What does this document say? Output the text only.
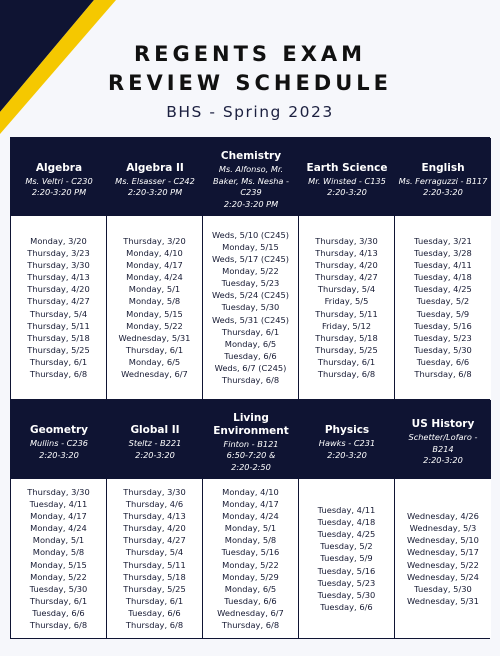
REGENTS EXAM
REVIEW SCHEDULE
BHS - Spring 2023
Algebra
Ms. Veltri - C230
2:20-3:20 PM
Algebra II
Ms. Elsasser - C242
2:20-3:20 PM
Chemistry
Ms. Alfonso, Mr.
Baker, Ms. Nesha -
C239
2:20-3:20 PM
Earth Science
Mr. Winsted - C135
2:20-3:20
English
Ms. Ferraguzzi - B117
2:20-3:20
Monday, 3/20
Thursday, 3/23
Thursday, 3/30
Thursday, 4/13
Thursday, 4/20
Thursday, 4/27
Thursday, 5/4
Thursday, 5/11
Thursday, 5/18
Thursday, 5/25
Thursday, 6/1
Thursday, 6/8
Thursday, 3/20
Monday, 4/10
Monday, 4/17
Monday, 4/24
Monday, 5/1
Monday, 5/8
Monday, 5/15
Monday, 5/22
Wednesday, 5/31
Thursday, 6/1
Monday, 6/5
Wednesday, 6/7
Weds, 5/10 (C245)
Monday, 5/15
Weds, 5/17 (C245)
Monday, 5/22
Tuesday, 5/23
Weds, 5/24 (C245)
Tuesday, 5/30
Weds, 5/31 (C245)
Thursday, 6/1
Monday, 6/5
Tuesday, 6/6
Weds, 6/7 (C245)
Thursday, 6/8
Thursday, 3/30
Thursday, 4/13
Thursday, 4/20
Thursday, 4/27
Thursday, 5/4
Friday, 5/5
Thursday, 5/11
Friday, 5/12
Thursday, 5/18
Thursday, 5/25
Thursday, 6/1
Thursday, 6/8
Tuesday, 3/21
Tuesday, 3/28
Tuesday, 4/11
Tuesday, 4/18
Tuesday, 4/25
Tuesday, 5/2
Tuesday, 5/9
Tuesday, 5/16
Tuesday, 5/23
Tuesday, 5/30
Tuesday, 6/6
Thursday, 6/8
Geometry
Mullins - C236
2:20-3:20
Global II
Steltz - B221
2:20-3:20
Living Environment
Finton - B121
6:50-7:20 &
2:20-2:50
Physics
Hawks - C231
2:20-3:20
US History
Schetter/Lofaro -
B214
2:20-3:20
Thursday, 3/30
Tuesday, 4/11
Monday, 4/17
Monday, 4/24
Monday, 5/1
Monday, 5/8
Monday, 5/15
Monday, 5/22
Tuesday, 5/30
Thursday, 6/1
Tuesday, 6/6
Thursday, 6/8
Thursday, 3/30
Thursday, 4/6
Thursday, 4/13
Thursday, 4/20
Thursday, 4/27
Thursday, 5/4
Thursday, 5/11
Thursday, 5/18
Thursday, 5/25
Thursday, 6/1
Tuesday, 6/6
Thursday, 6/8
Monday, 4/10
Monday, 4/17
Monday, 4/24
Monday, 5/1
Monday, 5/8
Tuesday, 5/16
Monday, 5/22
Monday, 5/29
Monday, 6/5
Tuesday, 6/6
Wednesday, 6/7
Thursday, 6/8
Tuesday, 4/11
Tuesday, 4/18
Tuesday, 4/25
Tuesday, 5/2
Tuesday, 5/9
Tuesday, 5/16
Tuesday, 5/23
Tuesday, 5/30
Tuesday, 6/6
Wednesday, 4/26
Wednesday, 5/3
Wednesday, 5/10
Wednesday, 5/17
Wednesday, 5/22
Wednesday, 5/24
Tuesday, 5/30
Wednesday, 5/31
